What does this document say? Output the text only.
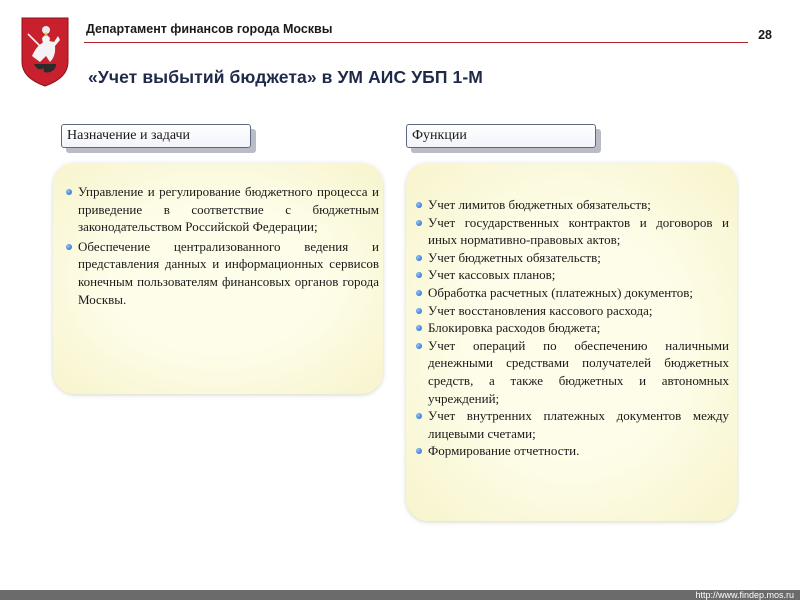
Департамент финансов города Москвы	28
«Учет выбытий бюджета» в УМ АИС УБП 1-М
Назначение и задачи
Управление и регулирование бюджетного процесса и приведение в соответствие с бюджетным законодательством Российской Федерации;
Обеспечение централизованного ведения и представления данных и информационных сервисов конечным пользователям финансовых органов города Москвы.
Функции
Учет лимитов бюджетных обязательств;
Учет государственных контрактов и договоров и иных нормативно-правовых актов;
Учет бюджетных обязательств;
Учет кассовых планов;
Обработка расчетных (платежных) документов;
Учет восстановления кассового расхода;
Блокировка расходов бюджета;
Учет операций по обеспечению наличными денежными средствами получателей бюджетных средств, а также бюджетных и автономных учреждений;
Учет внутренних платежных документов между лицевыми счетами;
Формирование отчетности.
http://www.findep.mos.ru
